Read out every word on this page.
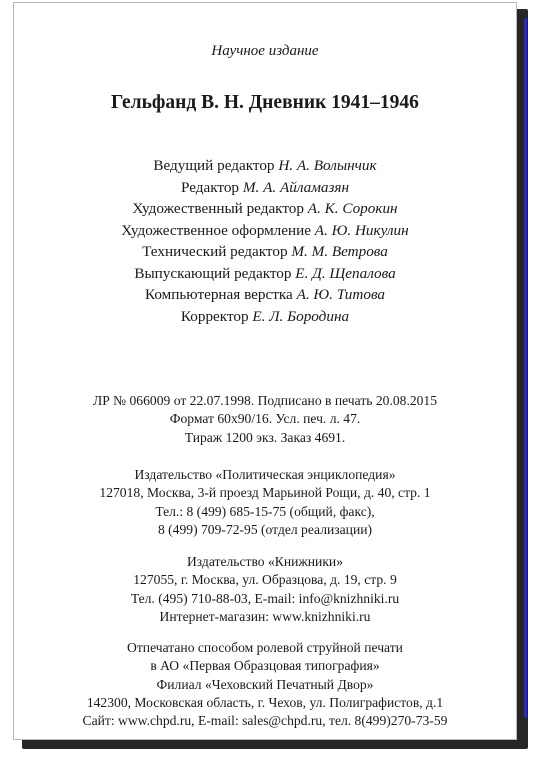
Научное издание
Гельфанд В. Н. Дневник 1941–1946
Ведущий редактор Н. А. Волынчик
Редактор М. А. Айламазян
Художественный редактор А. К. Сорокин
Художественное оформление А. Ю. Никулин
Технический редактор М. М. Ветрова
Выпускающий редактор Е. Д. Щепалова
Компьютерная верстка А. Ю. Титова
Корректор Е. Л. Бородина
ЛР № 066009 от 22.07.1998. Подписано в печать 20.08.2015
Формат 60х90/16. Усл. печ. л. 47.
Тираж 1200 экз. Заказ 4691.
Издательство «Политическая энциклопедия»
127018, Москва, 3-й проезд Марьиной Рощи, д. 40, стр. 1
Тел.: 8 (499) 685-15-75 (общий, факс),
8 (499) 709-72-95 (отдел реализации)
Издательство «Книжники»
127055, г. Москва, ул. Образцова, д. 19, стр. 9
Тел. (495) 710-88-03, E-mail: info@knizhniki.ru
Интернет-магазин: www.knizhniki.ru
Отпечатано способом ролевой струйной печати
в АО «Первая Образцовая типография»
Филиал «Чеховский Печатный Двор»
142300, Московская область, г. Чехов, ул. Полиграфистов, д.1
Сайт: www.chpd.ru, E-mail: sales@chpd.ru, тел. 8(499)270-73-59
